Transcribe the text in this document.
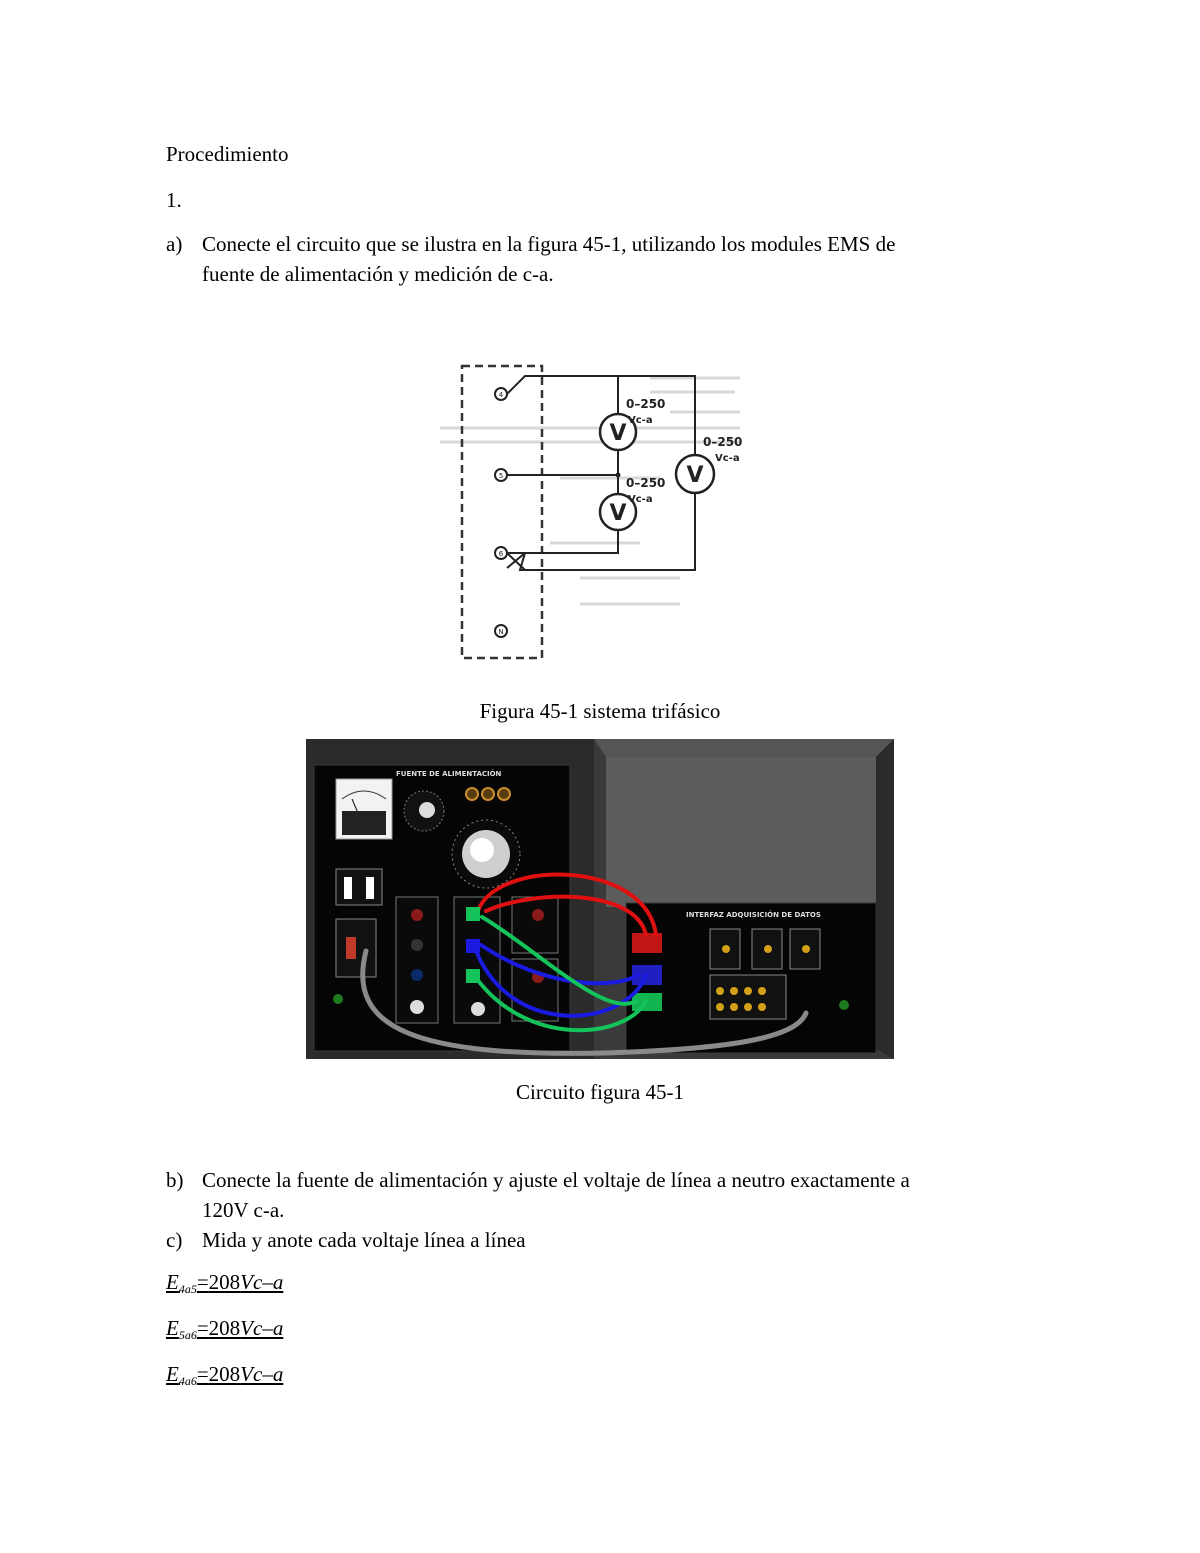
Procedimiento
1.
a) Conecte el circuito que se ilustra en la figura 45-1, utilizando los modules EMS de
fuente de alimentación y medición de c-a.
4
5
6
N
V
V
V
0–250
Vc-a
0–250
Vc-a
0–250
Vc-a
Figura 45-1 sistema trifásico
FUENTE DE ALIMENTACIÓN
INTERFAZ ADQUISICIÓN DE DATOS
Circuito figura 45-1
b) Conecte la fuente de alimentación y ajuste el voltaje de línea a neutro exactamente a
120V c-a.
c) Mida y anote cada voltaje línea a línea
$E_{4a5}=208Vc-a$
$E_{5a6}=208Vc-a$
$E_{4a6}=208Vc-a$
